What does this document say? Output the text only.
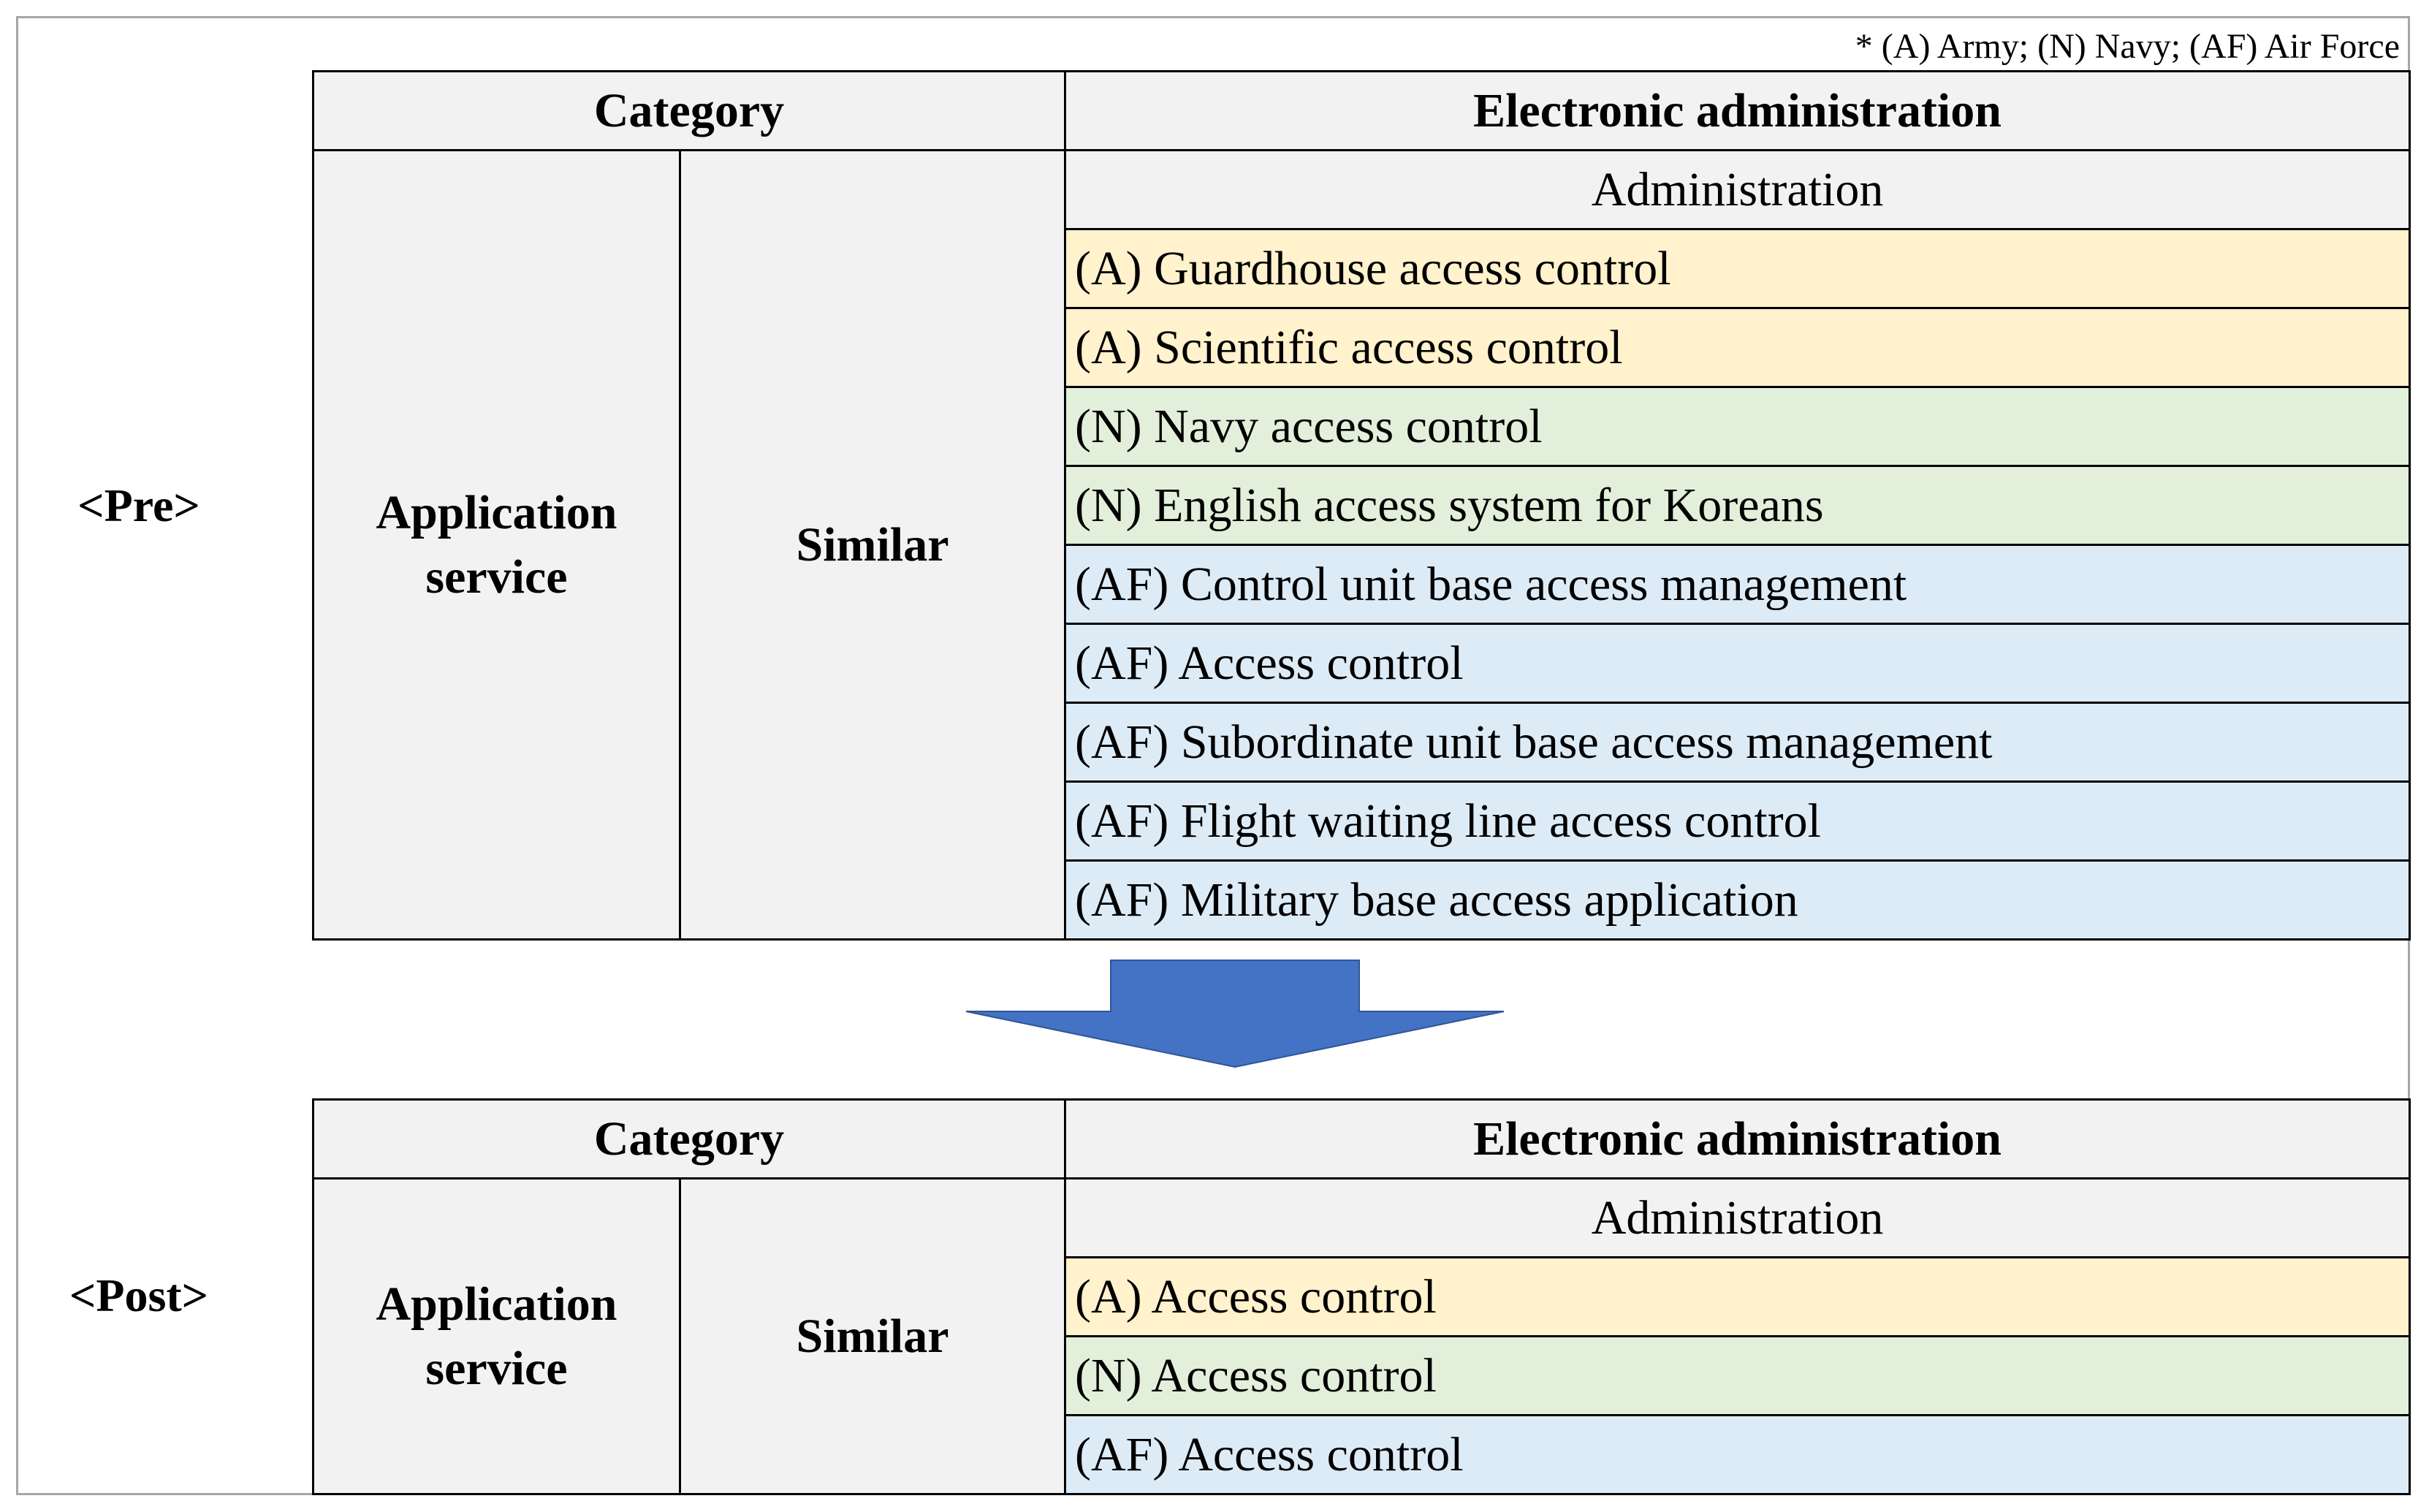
* (A) Army; (N) Navy; (AF) Air Force
<Pre>
Category		Electronic administration
Application
service	Similar	Administration
		(A) Guardhouse access control
		(A) Scientific access control
		(N) Navy access control
		(N) English access system for Koreans
		(AF) Control unit base access management
		(AF) Access control
		(AF) Subordinate unit base access management
		(AF) Flight waiting line access control
		(AF) Military base access application
<Post>
Category		Electronic administration
Application
service	Similar	Administration
		(A) Access control
		(N) Access control
		(AF) Access control
